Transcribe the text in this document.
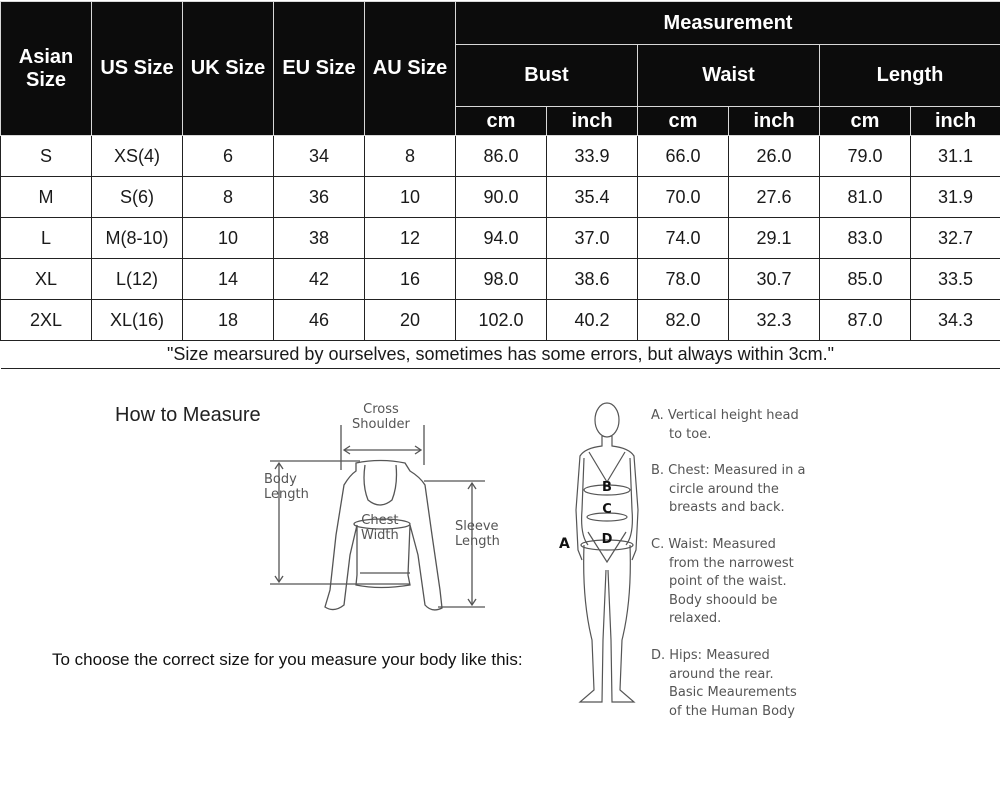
Asian Size	US Size	UK Size	EU Size	AU Size	Measurement					
					Bust		Waist		Length	
					cm	inch	cm	inch	cm	inch
S	XS(4)	6	34	8	86.0	33.9	66.0	26.0	79.0	31.1
M	S(6)	8	36	10	90.0	35.4	70.0	27.6	81.0	31.9
L	M(8-10)	10	38	12	94.0	37.0	74.0	29.1	83.0	32.7
XL	L(12)	14	42	16	98.0	38.6	78.0	30.7	85.0	33.5
2XL	XL(16)	18	46	20	102.0	40.2	82.0	32.3	87.0	34.3
"Size mearsured by ourselves, sometimes has some errors, but always within 3cm."										
How to Measure	Cross
Shoulder
Body
Length
Chest
Width
Sleeve
Length
To choose the correct size for you measure your body like this:
B
C
D
A
A. Vertical height head
to toe.
B. Chest: Measured in a
circle around the
breasts and back.
C. Waist: Measured
from the narrowest
point of the waist.
Body shoould be
relaxed.
D. Hips: Measured
around the rear.
Basic Meaurements
of the Human Body
